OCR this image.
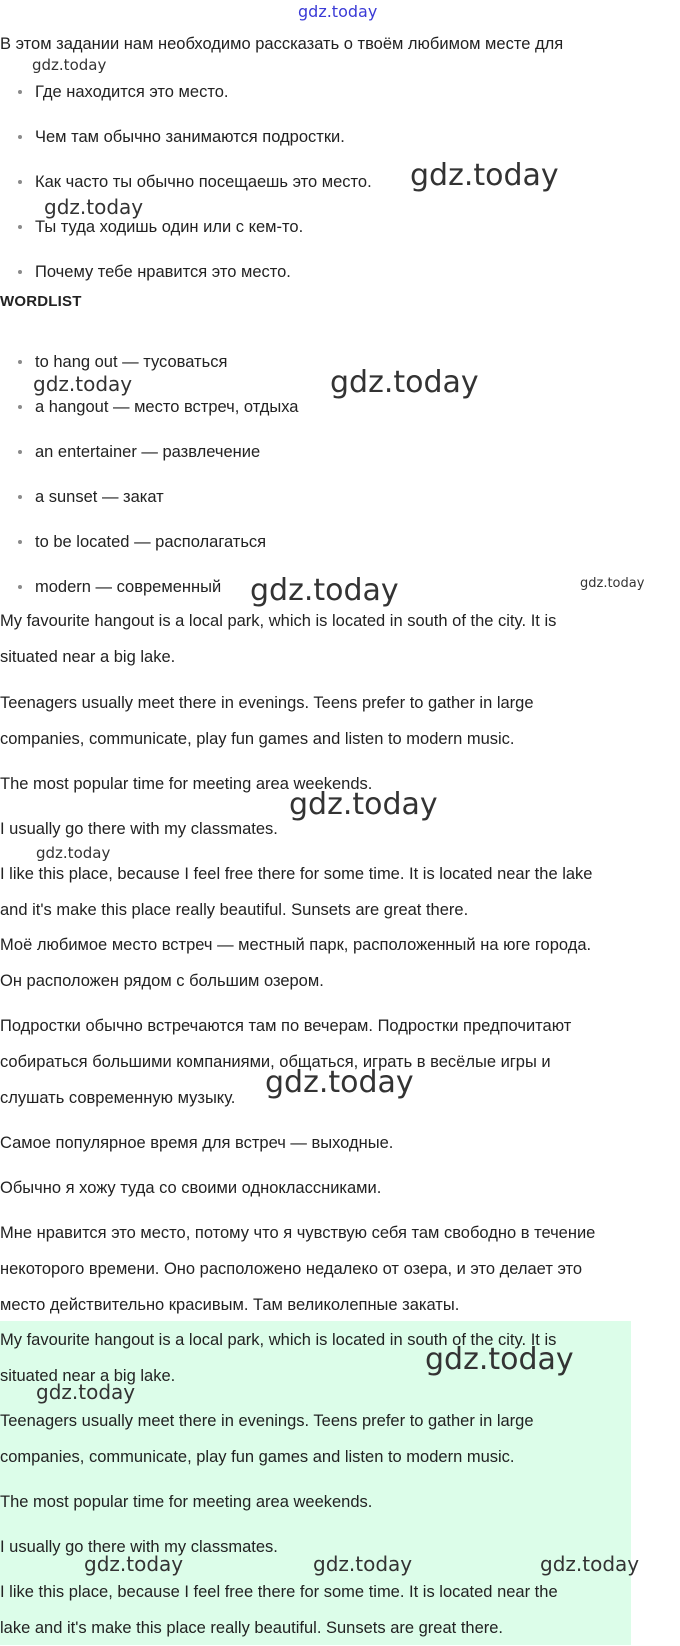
В этом задании нам необходимо рассказать о твоём любимом месте для

Где находится это место.
Чем там обычно занимаются подростки.
Как часто ты обычно посещаешь это место.
Ты туда ходишь один или с кем-то.
Почему тебе нравится это место.
WORDLIST
to hang out — тусоваться
a hangout — место встреч, отдыха
an entertainer — развлечение
a sunset — закат
to be located — располагаться
modern — современный

My favourite hangout is a local park, which is located in south of the city. It is

situated near a big lake.

Teenagers usually meet there in evenings. Teens prefer to gather in large

companies, communicate, play fun games and listen to modern music.

The most popular time for meeting area weekends.

I usually go there with my classmates.

I like this place, because I feel free there for some time. It is located near the lake

and it's make this place really beautiful. Sunsets are great there.

Моё любимое место встреч — местный парк, расположенный на юге города.

Он расположен рядом с большим озером.

Подростки обычно встречаются там по вечерам. Подростки предпочитают

собираться большими компаниями, общаться, играть в весёлые игры и

слушать современную музыку.

Самое популярное время для встреч — выходные.

Обычно я хожу туда со своими одноклассниками.

Мне нравится это место, потому что я чувствую себя там свободно в течение

некоторого времени. Оно расположено недалеко от озера, и это делает это

место действительно красивым. Там великолепные закаты.

My favourite hangout is a local park, which is located in south of the city. It is

situated near a big lake.

Teenagers usually meet there in evenings. Teens prefer to gather in large

companies, communicate, play fun games and listen to modern music.

The most popular time for meeting area weekends.

I usually go there with my classmates.

I like this place, because I feel free there for some time. It is located near the

lake and it's make this place really beautiful. Sunsets are great there.

gdz.today
gdz.today
gdz.today
gdz.today
gdz.today	gdz.today
gdz.today	gdz.today
gdz.today
gdz.today
gdz.today
gdz.today
gdz.today
gdz.today	gdz.today	gdz.today
